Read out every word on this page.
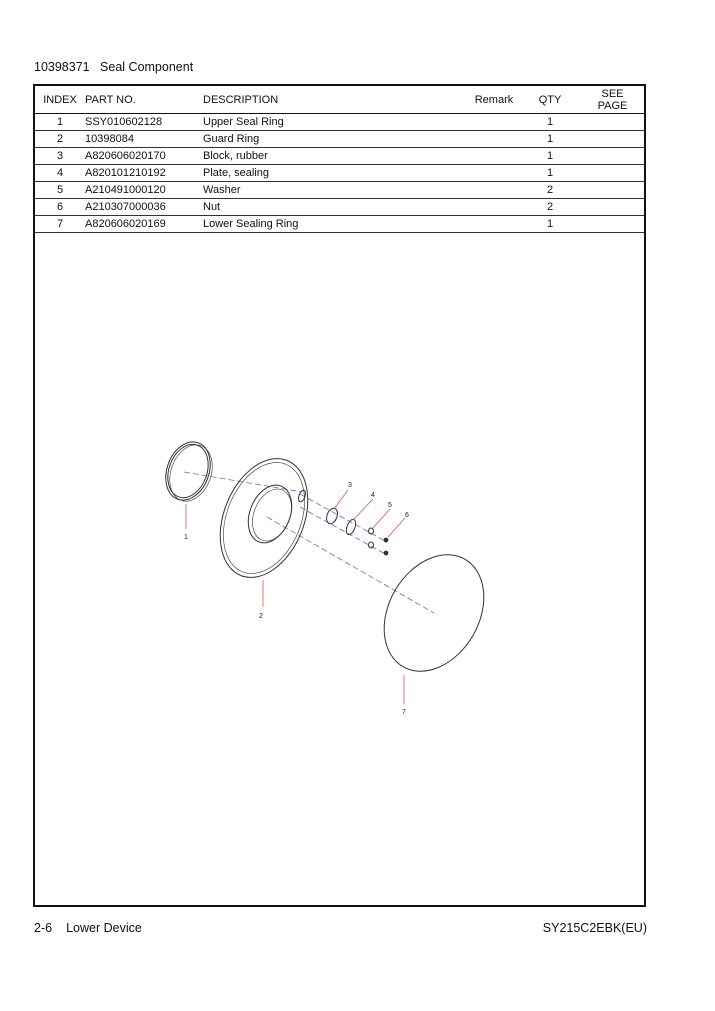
10398371 Seal Component
INDEX	PART NO.	DESCRIPTION	Remark	QTY	SEE
PAGE
1	SSY010602128	Upper Seal Ring		1	
2	10398084	Guard Ring		1	
3	A820606020170	Block, rubber		1	
4	A820101210192	Plate, sealing		1	
5	A210491000120	Washer		2	
6	A210307000036	Nut		2	
7	A820606020169	Lower Sealing Ring		1	
1
2
3
4
5
6
7
2-6 Lower Device	SY215C2EBK(EU)
